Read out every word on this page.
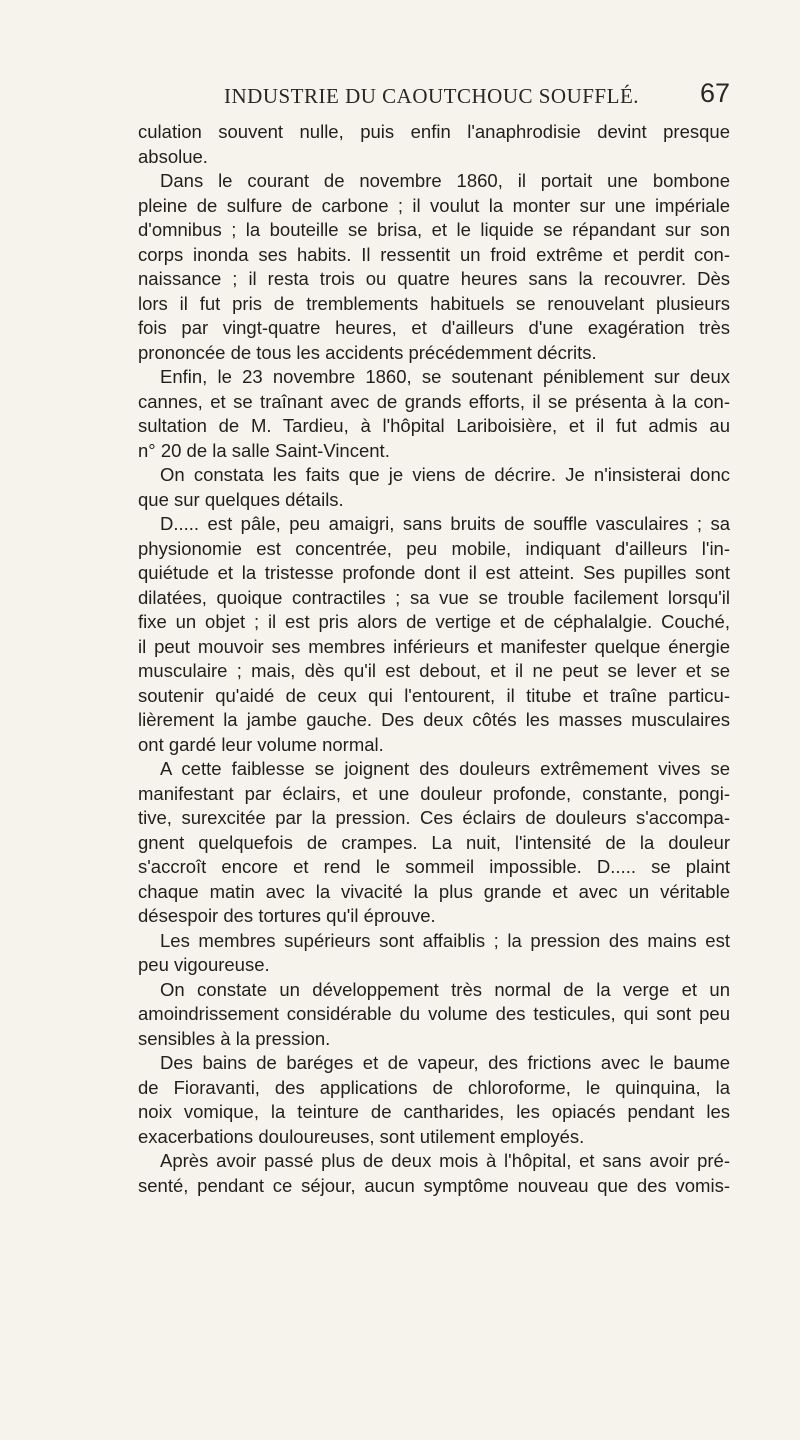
INDUSTRIE DU CAOUTCHOUC SOUFFLÉ. 67
culation souvent nulle, puis enfin l'anaphrodisie devint presque
absolue.
Dans le courant de novembre 1860, il portait une bombone
pleine de sulfure de carbone ; il voulut la monter sur une impériale
d'omnibus ; la bouteille se brisa, et le liquide se répandant sur son
corps inonda ses habits. Il ressentit un froid extrême et perdit con-
naissance ; il resta trois ou quatre heures sans la recouvrer. Dès
lors il fut pris de tremblements habituels se renouvelant plusieurs
fois par vingt-quatre heures, et d'ailleurs d'une exagération très
prononcée de tous les accidents précédemment décrits.
Enfin, le 23 novembre 1860, se soutenant péniblement sur deux
cannes, et se traînant avec de grands efforts, il se présenta à la con-
sultation de M. Tardieu, à l'hôpital Lariboisière, et il fut admis au
n° 20 de la salle Saint-Vincent.
On constata les faits que je viens de décrire. Je n'insisterai donc
que sur quelques détails.
D..... est pâle, peu amaigri, sans bruits de souffle vasculaires ; sa
physionomie est concentrée, peu mobile, indiquant d'ailleurs l'in-
quiétude et la tristesse profonde dont il est atteint. Ses pupilles sont
dilatées, quoique contractiles ; sa vue se trouble facilement lorsqu'il
fixe un objet ; il est pris alors de vertige et de céphalalgie. Couché,
il peut mouvoir ses membres inférieurs et manifester quelque énergie
musculaire ; mais, dès qu'il est debout, et il ne peut se lever et se
soutenir qu'aidé de ceux qui l'entourent, il titube et traîne particu-
lièrement la jambe gauche. Des deux côtés les masses musculaires
ont gardé leur volume normal.
A cette faiblesse se joignent des douleurs extrêmement vives se
manifestant par éclairs, et une douleur profonde, constante, pongi-
tive, surexcitée par la pression. Ces éclairs de douleurs s'accompa-
gnent quelquefois de crampes. La nuit, l'intensité de la douleur
s'accroît encore et rend le sommeil impossible. D..... se plaint
chaque matin avec la vivacité la plus grande et avec un véritable
désespoir des tortures qu'il éprouve.
Les membres supérieurs sont affaiblis ; la pression des mains est
peu vigoureuse.
On constate un développement très normal de la verge et un
amoindrissement considérable du volume des testicules, qui sont peu
sensibles à la pression.
Des bains de baréges et de vapeur, des frictions avec le baume
de Fioravanti, des applications de chloroforme, le quinquina, la
noix vomique, la teinture de cantharides, les opiacés pendant les
exacerbations douloureuses, sont utilement employés.
Après avoir passé plus de deux mois à l'hôpital, et sans avoir pré-
senté, pendant ce séjour, aucun symptôme nouveau que des vomis-
